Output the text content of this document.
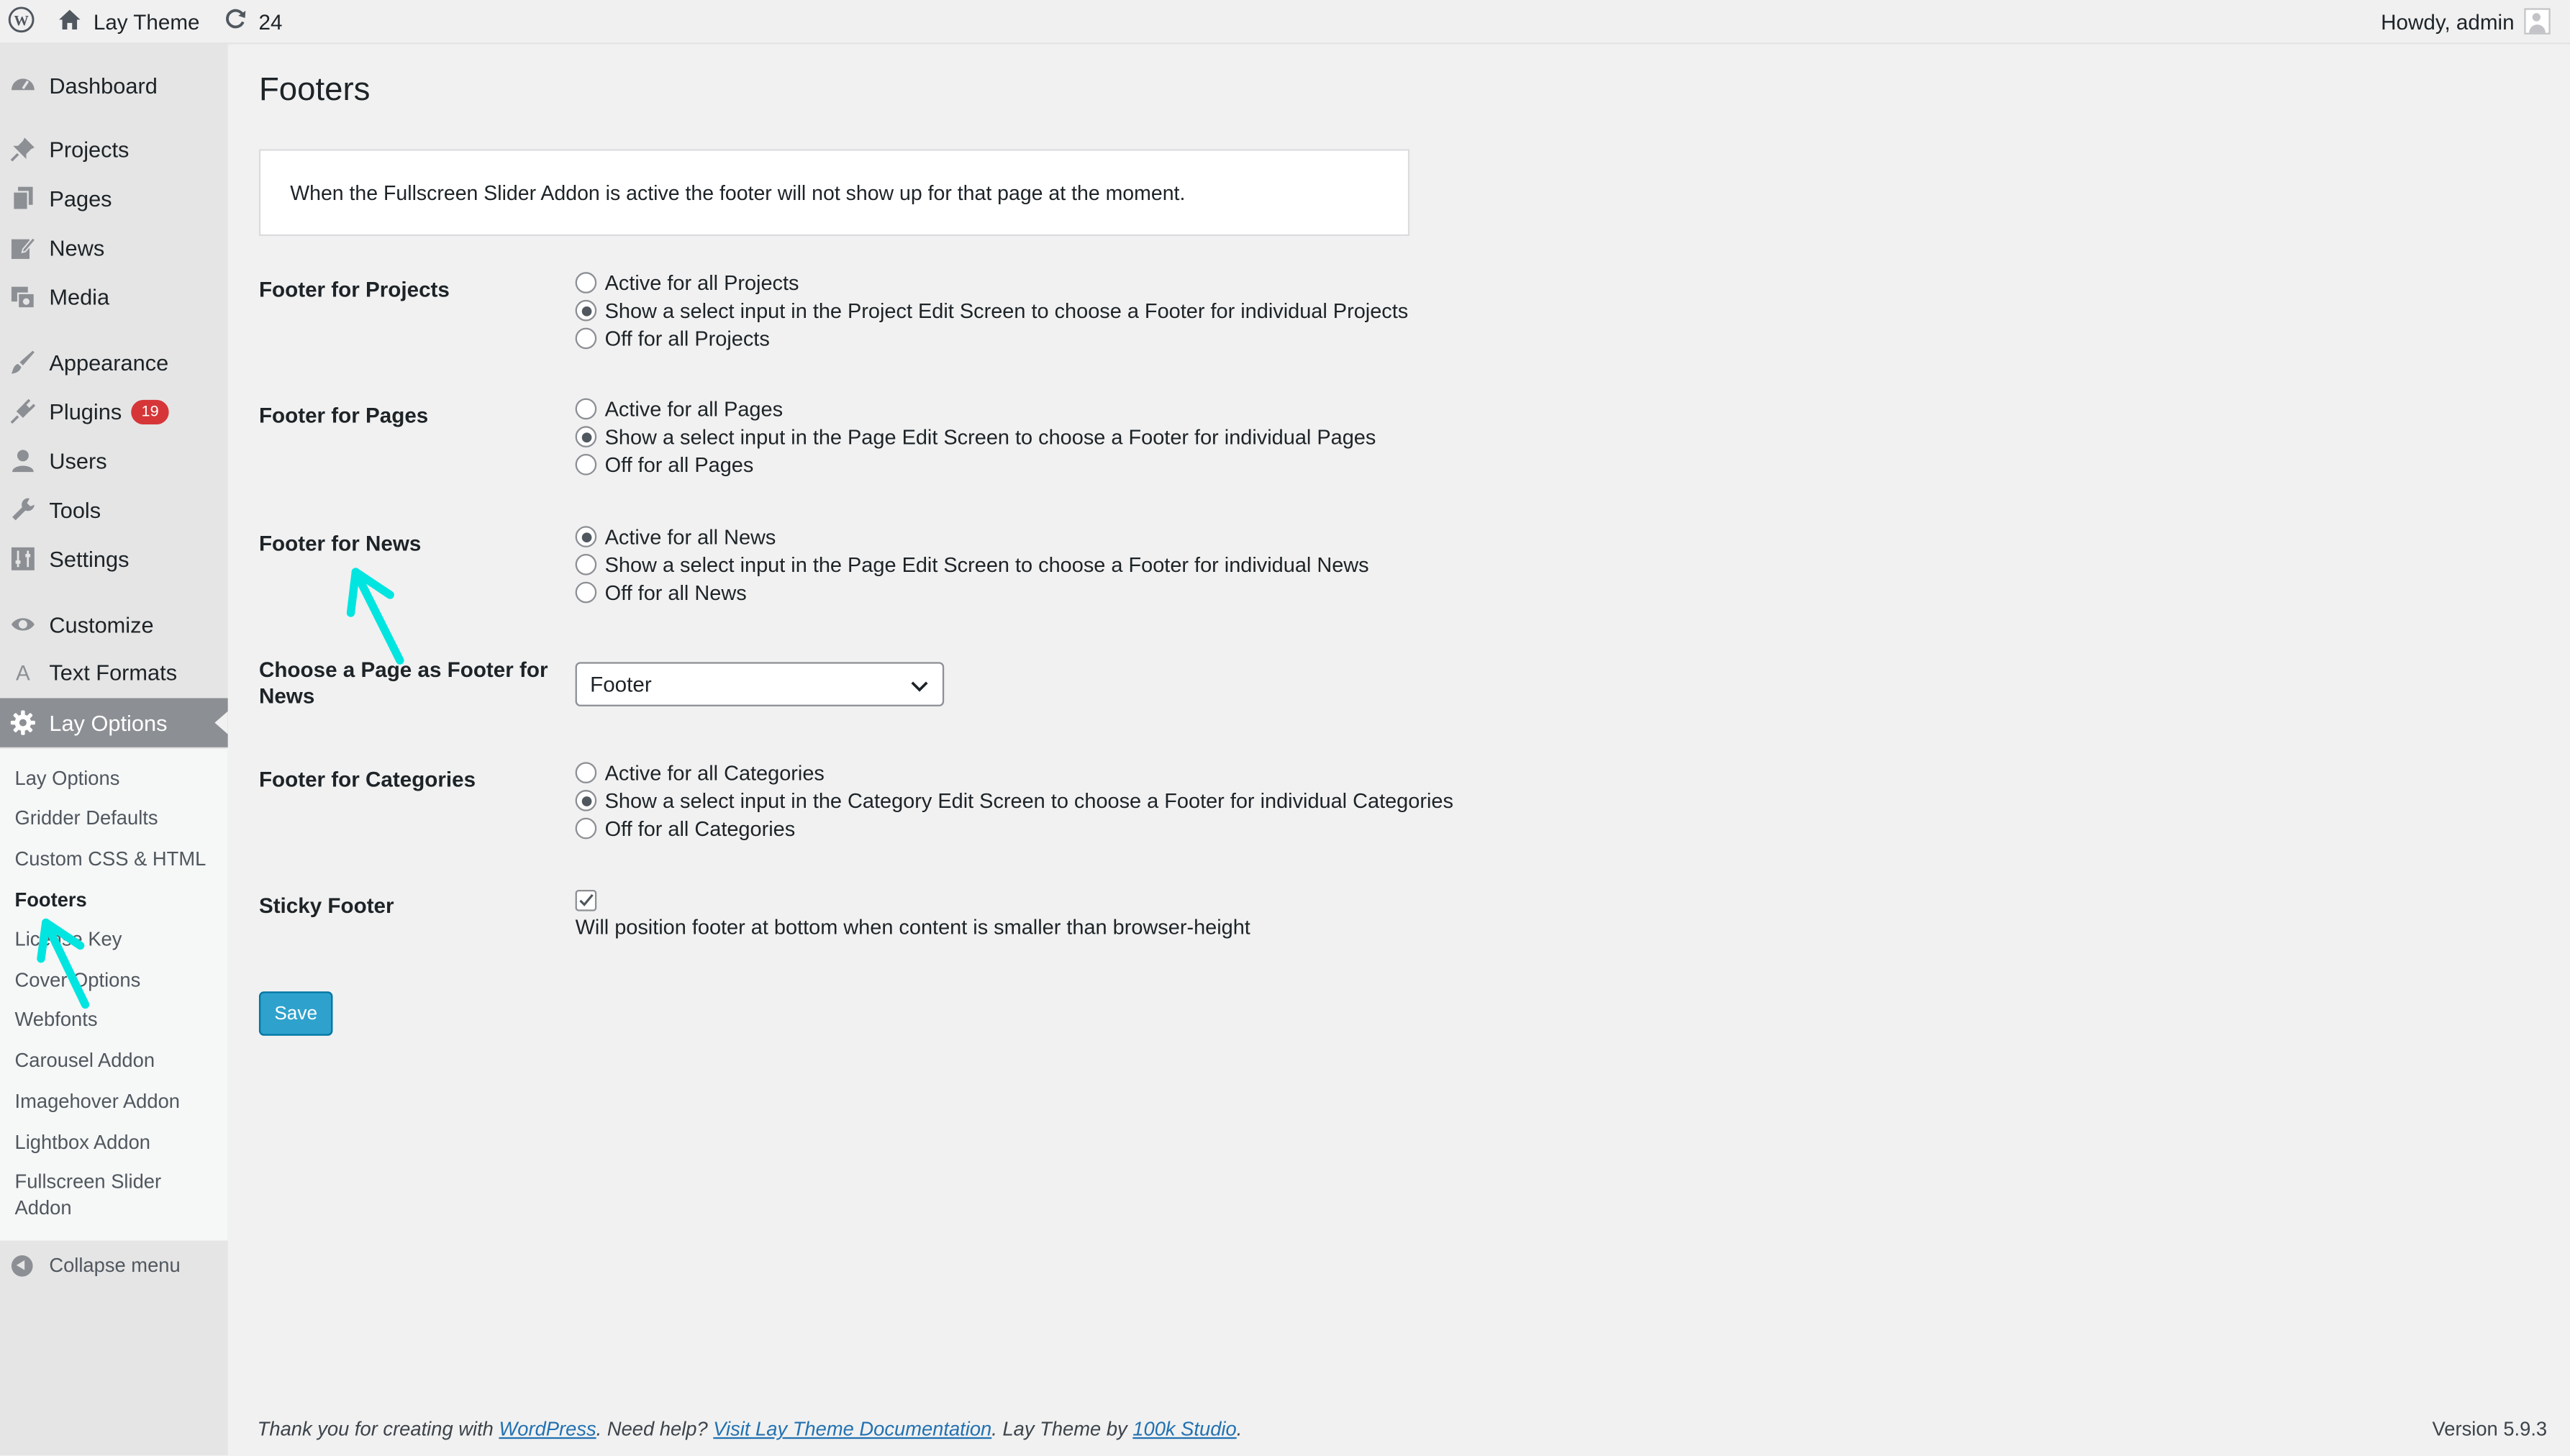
W	Lay Theme	24	Howdy, admin
Dashboard
Projects
Pages
News
Media
Appearance
Plugins	19
Users
Tools
Settings
Customize
A Text Formats
Lay Options
Lay Options
Gridder Defaults
Custom CSS & HTML
Footers
License Key
Cover Options
Webfonts
Carousel Addon
Imagehover Addon
Lightbox Addon
Fullscreen Slider Addon
Collapse menu
Footers
When the Fullscreen Slider Addon is active the footer will not show up for that page at the moment.
Footer for Projects	Active for all Projects
Show a select input in the Project Edit Screen to choose a Footer for individual Projects
Off for all Projects
Footer for Pages	Active for all Pages
Show a select input in the Page Edit Screen to choose a Footer for individual Pages
Off for all Pages
Footer for News	Active for all News
Show a select input in the Page Edit Screen to choose a Footer for individual News
Off for all News
Choose a Page as Footer for
News	Footer
Footer for Categories	Active for all Categories
Show a select input in the Category Edit Screen to choose a Footer for individual Categories
Off for all Categories
Sticky Footer
Will position footer at bottom when content is smaller than browser-height
Save
Thank you for creating with WordPress. Need help? Visit Lay Theme Documentation. Lay Theme by 100k Studio.	Version 5.9.3
